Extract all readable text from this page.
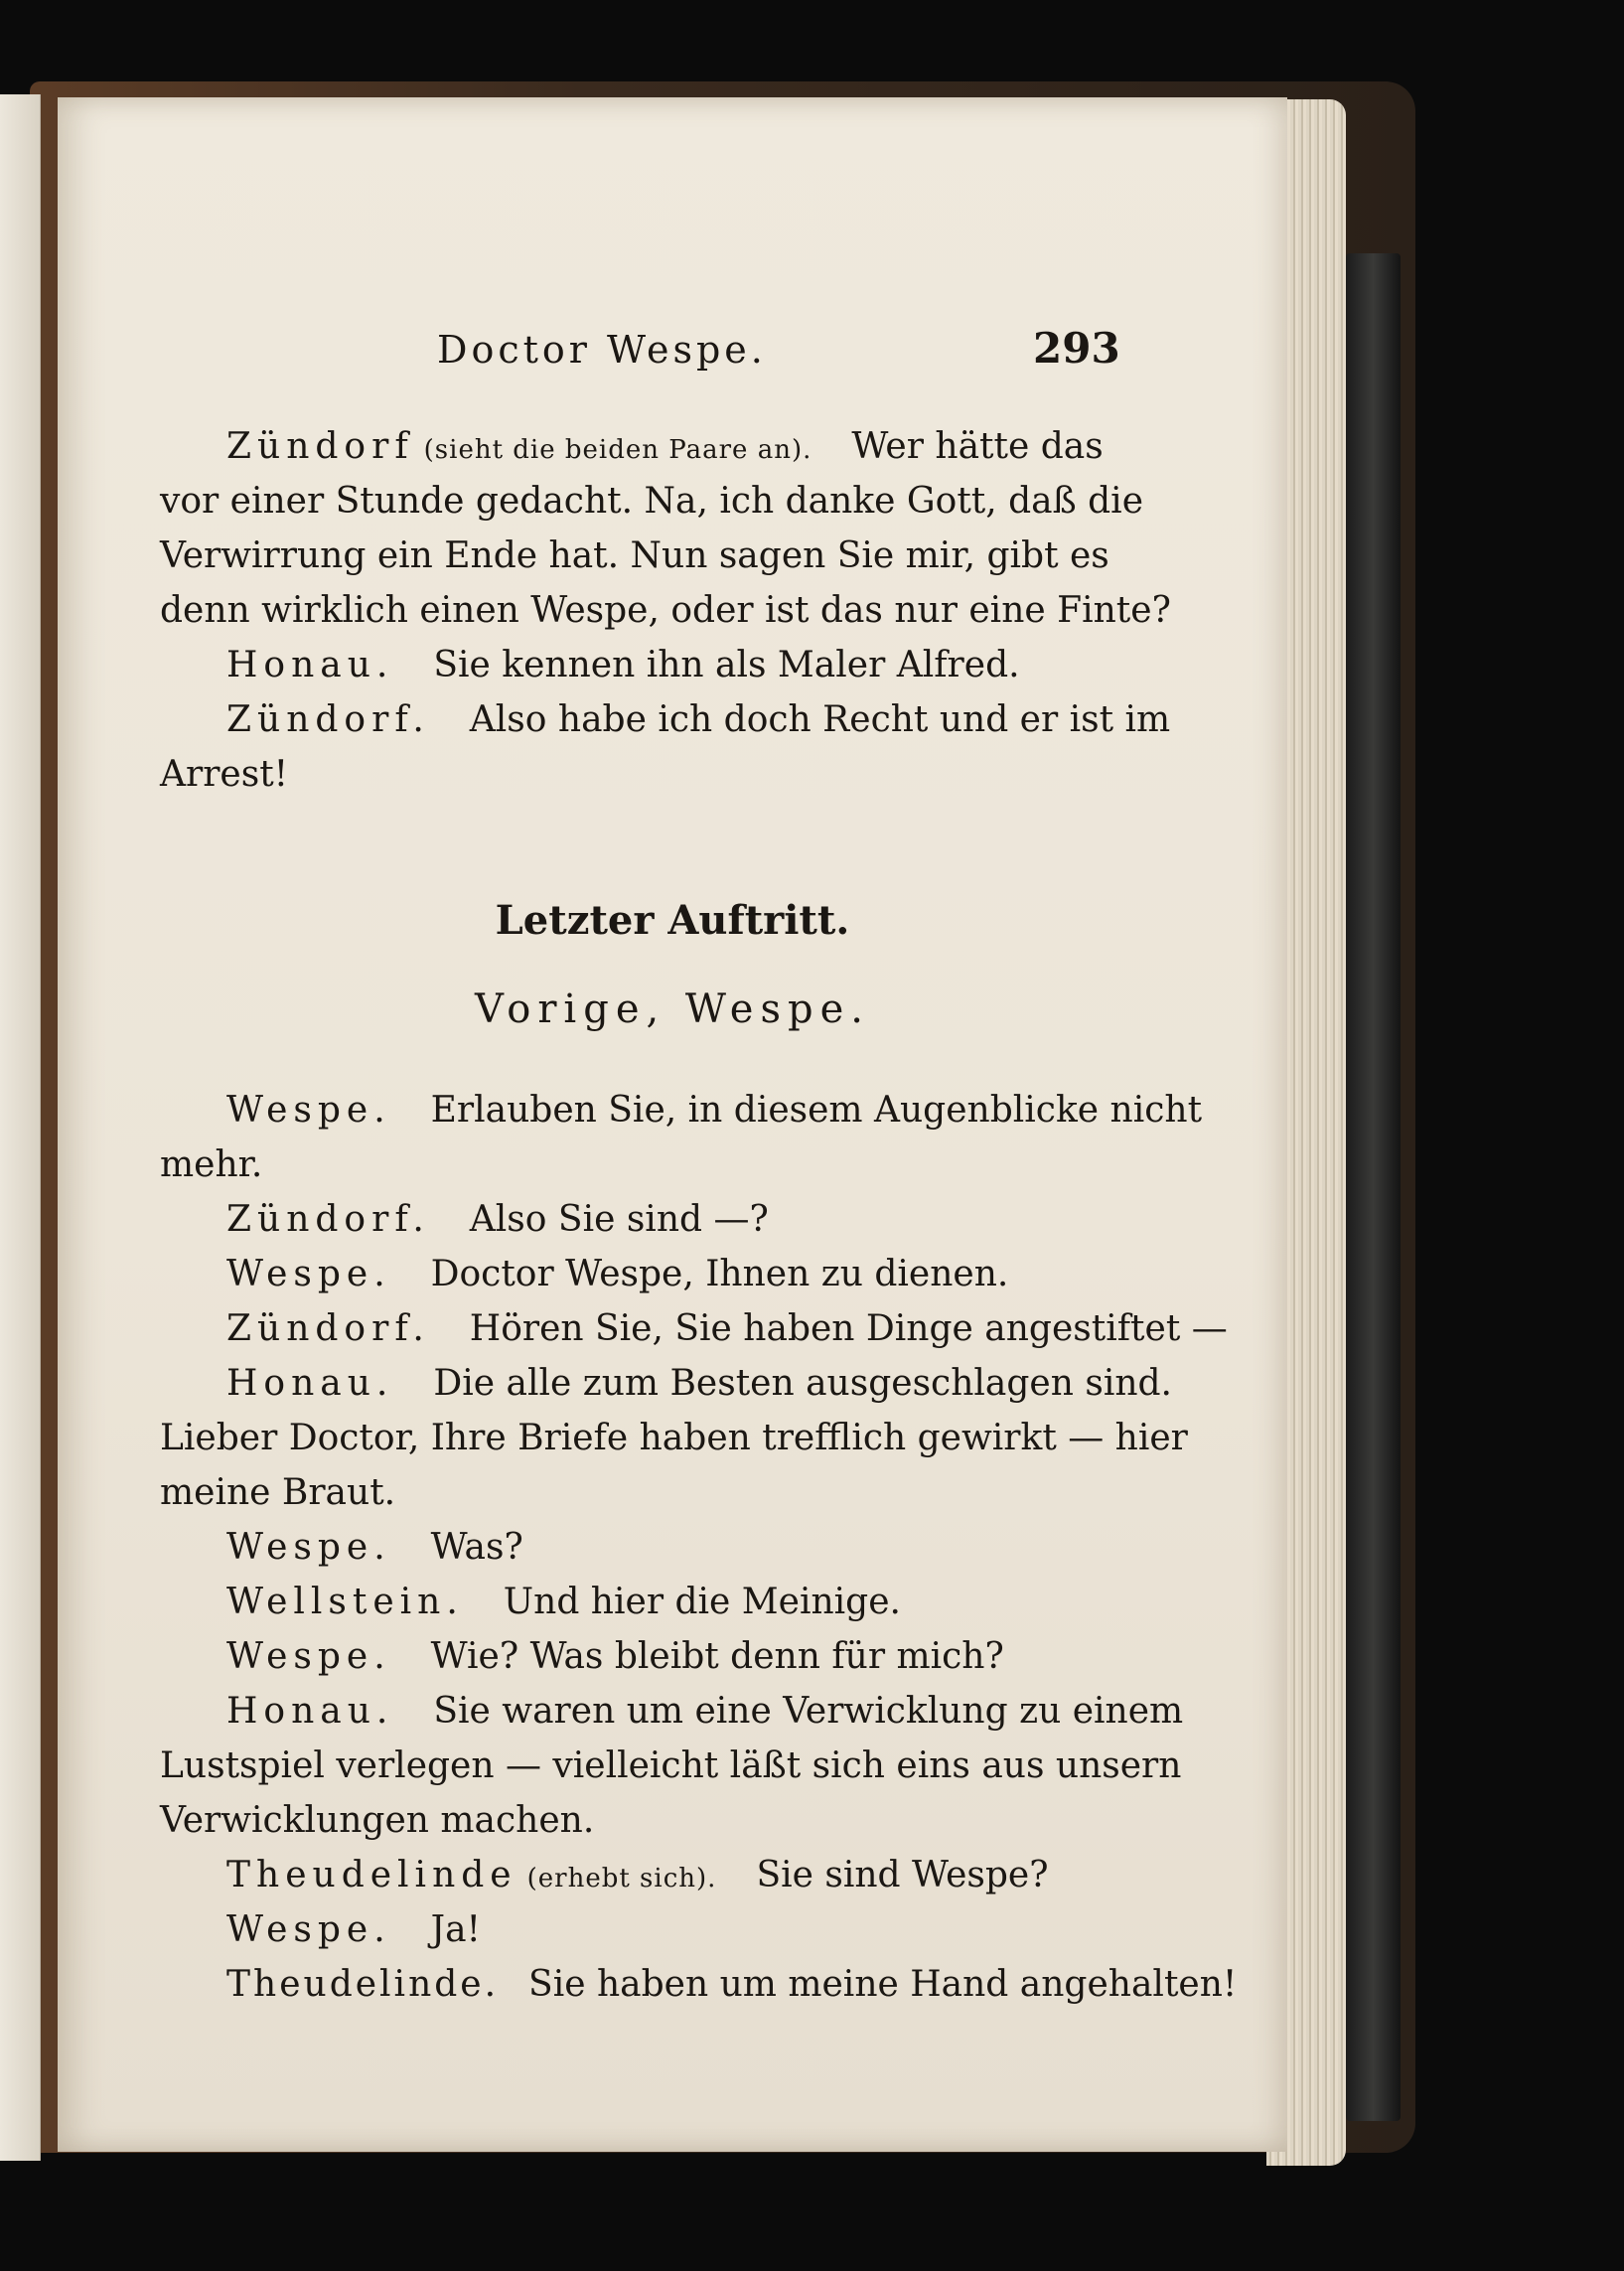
Doctor Wespe.	293
Zündorf (sieht die beiden Paare an). Wer hätte das
vor einer Stunde gedacht. Na, ich danke Gott, daß die
Verwirrung ein Ende hat. Nun sagen Sie mir, gibt es
denn wirklich einen Wespe, oder ist das nur eine Finte?
Honau. Sie kennen ihn als Maler Alfred.
Zündorf. Also habe ich doch Recht und er ist im
Arrest!
Letzter Auftritt.
Vorige, Wespe.
Wespe. Erlauben Sie, in diesem Augenblicke nicht
mehr.
Zündorf. Also Sie sind —?
Wespe. Doctor Wespe, Ihnen zu dienen.
Zündorf. Hören Sie, Sie haben Dinge angestiftet —
Honau. Die alle zum Besten ausgeschlagen sind.
Lieber Doctor, Ihre Briefe haben trefflich gewirkt — hier
meine Braut.
Wespe. Was?
Wellstein. Und hier die Meinige.
Wespe. Wie? Was bleibt denn für mich?
Honau. Sie waren um eine Verwicklung zu einem
Lustspiel verlegen — vielleicht läßt sich eins aus unsern
Verwicklungen machen.
Theudelinde (erhebt sich). Sie sind Wespe?
Wespe. Ja!
Theudelinde. Sie haben um meine Hand angehalten!
